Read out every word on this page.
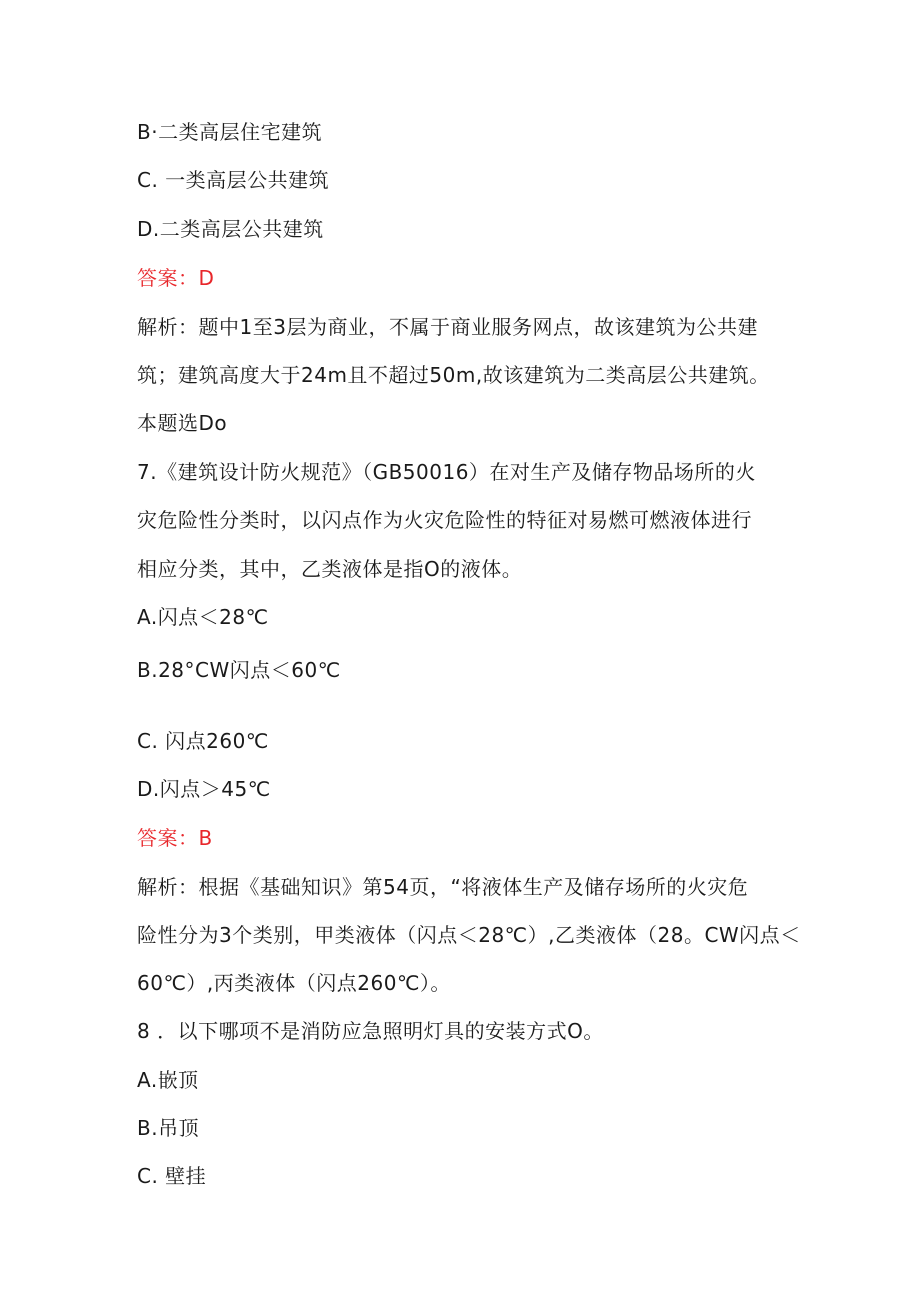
B·二类高层住宅建筑
C. 一类高层公共建筑
D.二类高层公共建筑
答案：D
解析：题中1至3层为商业，不属于商业服务网点，故该建筑为公共建
筑；建筑高度大于24m且不超过50m,故该建筑为二类高层公共建筑。
本题选Do
7.《建筑设计防火规范》（GB50016）在对生产及储存物品场所的火
灾危险性分类时，以闪点作为火灾危险性的特征对易燃可燃液体进行
相应分类，其中，乙类液体是指O的液体。
A.闪点＜28℃
B.28°CW闪点＜60℃
C. 闪点260℃
D.闪点＞45℃
答案：B
解析：根据《基础知识》第54页，“将液体生产及储存场所的火灾危
险性分为3个类别，甲类液体（闪点＜28℃）,乙类液体（28。CW闪点＜
60℃）,丙类液体（闪点260℃）。
8 ．以下哪项不是消防应急照明灯具的安装方式O。
A.嵌顶
B.吊顶
C. 壁挂
